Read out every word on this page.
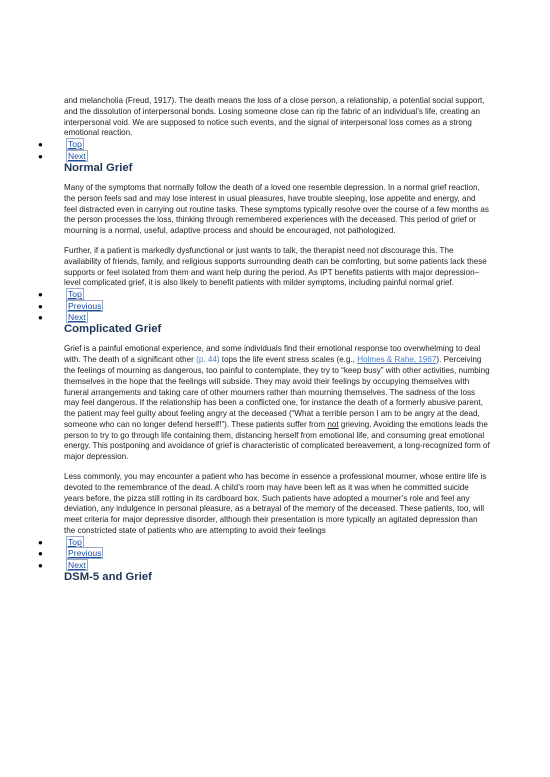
and melancholia (Freud, 1917). The death means the loss of a close person, a relationship, a potential social support, and the dissolution of interpersonal bonds. Losing someone close can rip the fabric of an individual’s life, creating an interpersonal void. We are supposed to notice such events, and the signal of interpersonal loss comes as a strong emotional reaction.

●	Top
●	Next
Normal Grief

Many of the symptoms that normally follow the death of a loved one resemble depression. In a normal grief reaction, the person feels sad and may lose interest in usual pleasures, have trouble sleeping, lose appetite and energy, and feel distracted even in carrying out routine tasks. These symptoms typically resolve over the course of a few months as the person processes the loss, thinking through remembered experiences with the deceased. This period of grief or mourning is a normal, useful, adaptive process and should be encouraged, not pathologized.

Further, if a patient is markedly dysfunctional or just wants to talk, the therapist need not discourage this. The availability of friends, family, and religious supports surrounding death can be comforting, but some patients lack these supports or feel isolated from them and want help during the period. As IPT benefits patients with major depression–level complicated grief, it is also likely to benefit patients with milder symptoms, including painful normal grief.

●	Top
●	Previous
●	Next
Complicated Grief

Grief is a painful emotional experience, and some individuals find their emotional response too overwhelming to deal with. The death of a significant other (p. 44) tops the life event stress scales (e.g., Holmes & Rahe, 1967). Perceiving the feelings of mourning as dangerous, too painful to contemplate, they try to “keep busy” with other activities, numbing themselves in the hope that the feelings will subside. They may avoid their feelings by occupying themselves with funeral arrangements and taking care of other mourners rather than mourning themselves. The sadness of the loss may feel dangerous. If the relationship has been a conflicted one, for instance the death of a formerly abusive parent, the patient may feel guilty about feeling angry at the deceased (“What a terrible person I am to be angry at the dead, someone who can no longer defend herself!”). These patients suffer from not grieving. Avoiding the emotions leads the person to try to go through life containing them, distancing herself from emotional life, and consuming great emotional energy. This postponing and avoidance of grief is characteristic of complicated bereavement, a long-recognized form of major depression.

Less commonly, you may encounter a patient who has become in essence a professional mourner, whose entire life is devoted to the remembrance of the dead. A child’s room may have been left as it was when he committed suicide years before, the pizza still rotting in its cardboard box. Such patients have adopted a mourner’s role and feel any deviation, any indulgence in personal pleasure, as a betrayal of the memory of the deceased. These patients, too, will meet criteria for major depressive disorder, although their presentation is more typically an agitated depression than the constricted state of patients who are attempting to avoid their feelings

●	Top
●	Previous
●	Next
DSM-5 and Grief
